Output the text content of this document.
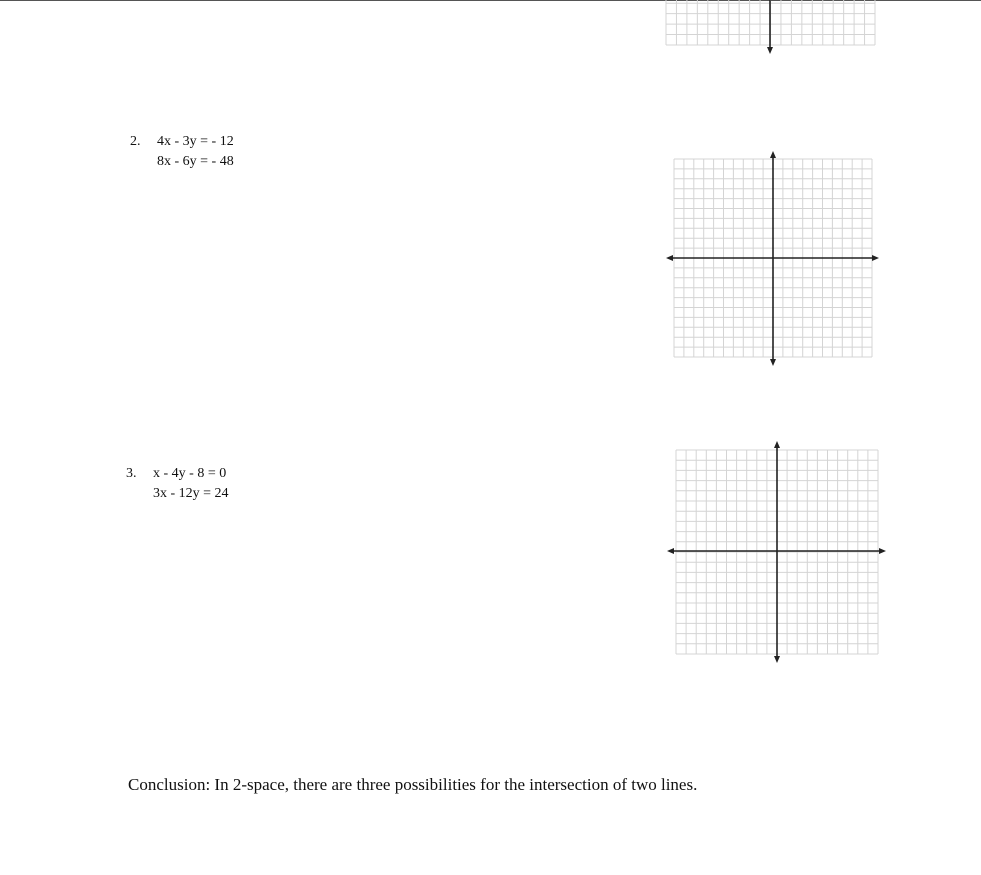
2. 4x - 3y = - 12
8x - 6y = - 48
3. x - 4y - 8 = 0
3x - 12y = 24
Conclusion: In 2-space, there are three possibilities for the intersection of two lines.
